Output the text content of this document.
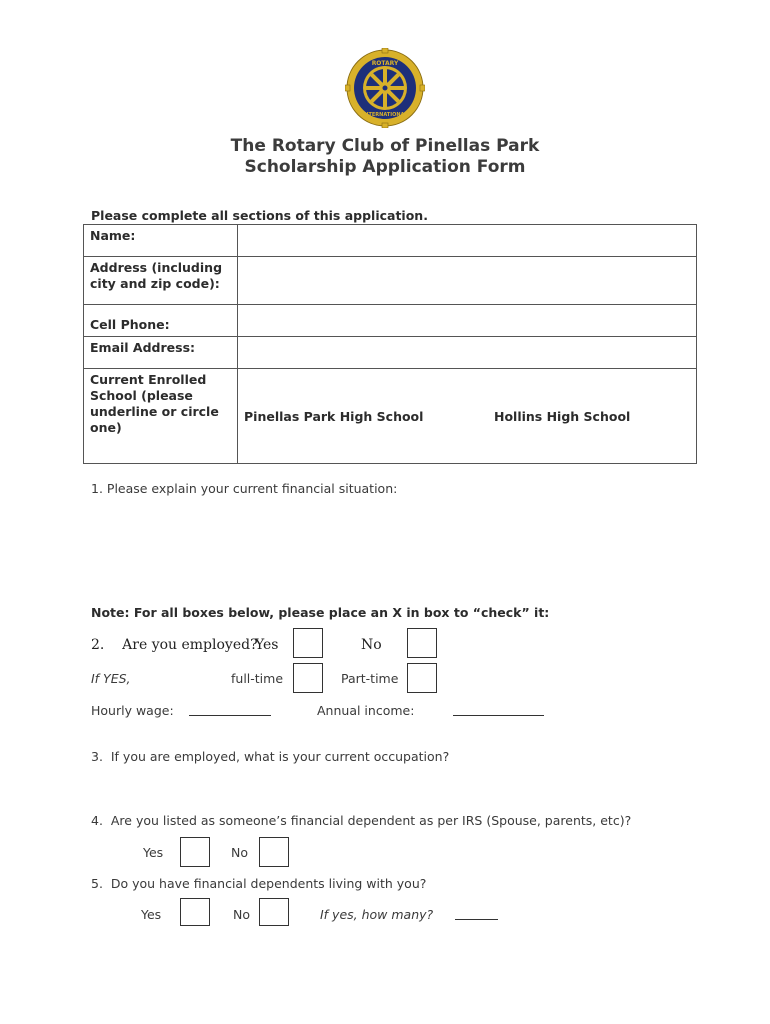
ROTARY
INTERNATIONAL
The Rotary Club of Pinellas Park
Scholarship Application Form
Please complete all sections of this application.
Name:	
Address (including city and zip code):	
Cell Phone:	
Email Address:	
Current Enrolled School (please underline or circle one)	Pinellas Park High School Hollins High School
1. Please explain your current financial situation:
Note: For all boxes below, please place an X in box to “check” it:
2.    Are you employed?
Yes	No
If YES,	full-time	Part-time
Hourly wage:	Annual income:
3.  If you are employed, what is your current occupation?
4.  Are you listed as someone’s financial dependent as per IRS (Spouse, parents, etc)?
Yes	No
5.  Do you have financial dependents living with you?
Yes	No	If yes, how many?
